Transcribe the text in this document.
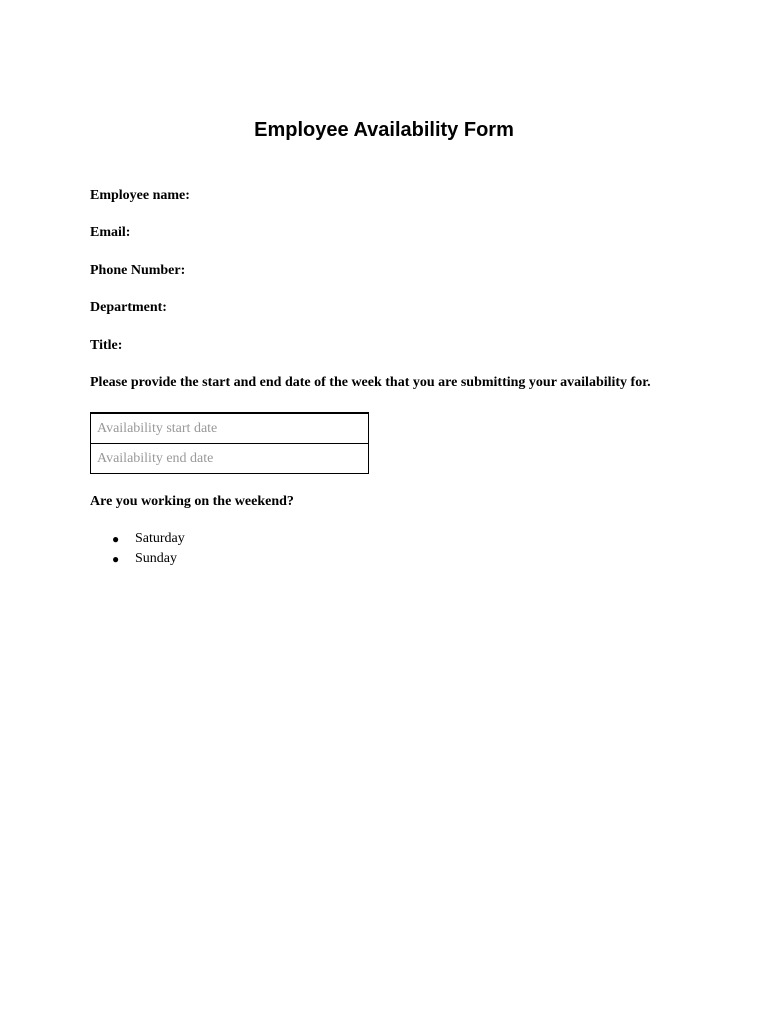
Employee Availability Form

Employee name:

Email:

Phone Number:

Department:

Title:

Please provide the start and end date of the week that you are submitting your availability for.

Availability start date

Availability end date

Are you working on the weekend?

● Saturday
● Sunday
